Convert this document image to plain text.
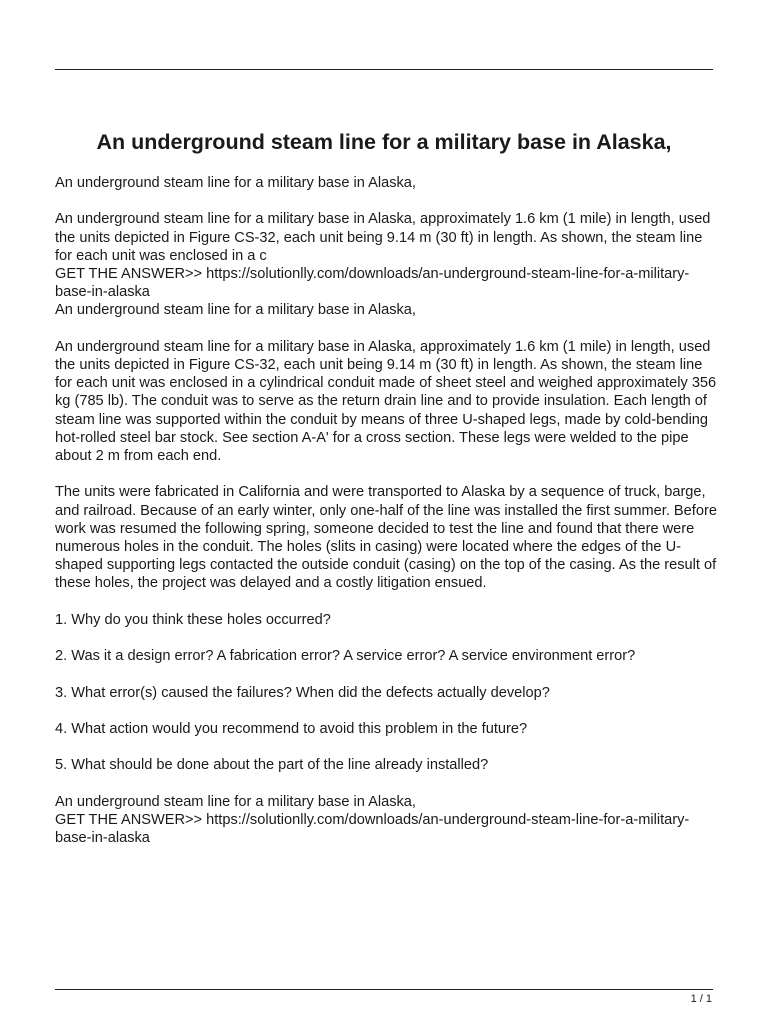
An underground steam line for a military base in Alaska,

An underground steam line for a military base in Alaska,

An underground steam line for a military base in Alaska, approximately 1.6 km (1 mile) in length, used the units depicted in Figure CS-32, each unit being 9.14 m (30 ft) in length. As shown, the steam line for each unit was enclosed in a c

GET THE ANSWER>> https://solutionlly.com/downloads/an-underground-steam-line-for-a-military-base-in-alaska

An underground steam line for a military base in Alaska,

An underground steam line for a military base in Alaska, approximately 1.6 km (1 mile) in length, used the units depicted in Figure CS-32, each unit being 9.14 m (30 ft) in length. As shown, the steam line for each unit was enclosed in a cylindrical conduit made of sheet steel and weighed approximately 356 kg (785 lb). The conduit was to serve as the return drain line and to provide insulation. Each length of steam line was supported within the conduit by means of three U-shaped legs, made by cold-bending hot-rolled steel bar stock. See section A-A' for a cross section. These legs were welded to the pipe about 2 m from each end.

The units were fabricated in California and were transported to Alaska by a sequence of truck, barge, and railroad. Because of an early winter, only one-half of the line was installed the first summer. Before work was resumed the following spring, someone decided to test the line and found that there were numerous holes in the conduit. The holes (slits in casing) were located where the edges of the U-shaped supporting legs contacted the outside conduit (casing) on the top of the casing. As the result of these holes, the project was delayed and a costly litigation ensued.

1. Why do you think these holes occurred?

2. Was it a design error? A fabrication error? A service error? A service environment error?

3. What error(s) caused the failures? When did the defects actually develop?

4. What action would you recommend to avoid this problem in the future?

5. What should be done about the part of the line already installed?

An underground steam line for a military base in Alaska,

GET THE ANSWER>> https://solutionlly.com/downloads/an-underground-steam-line-for-a-military-base-in-alaska

1 / 1
